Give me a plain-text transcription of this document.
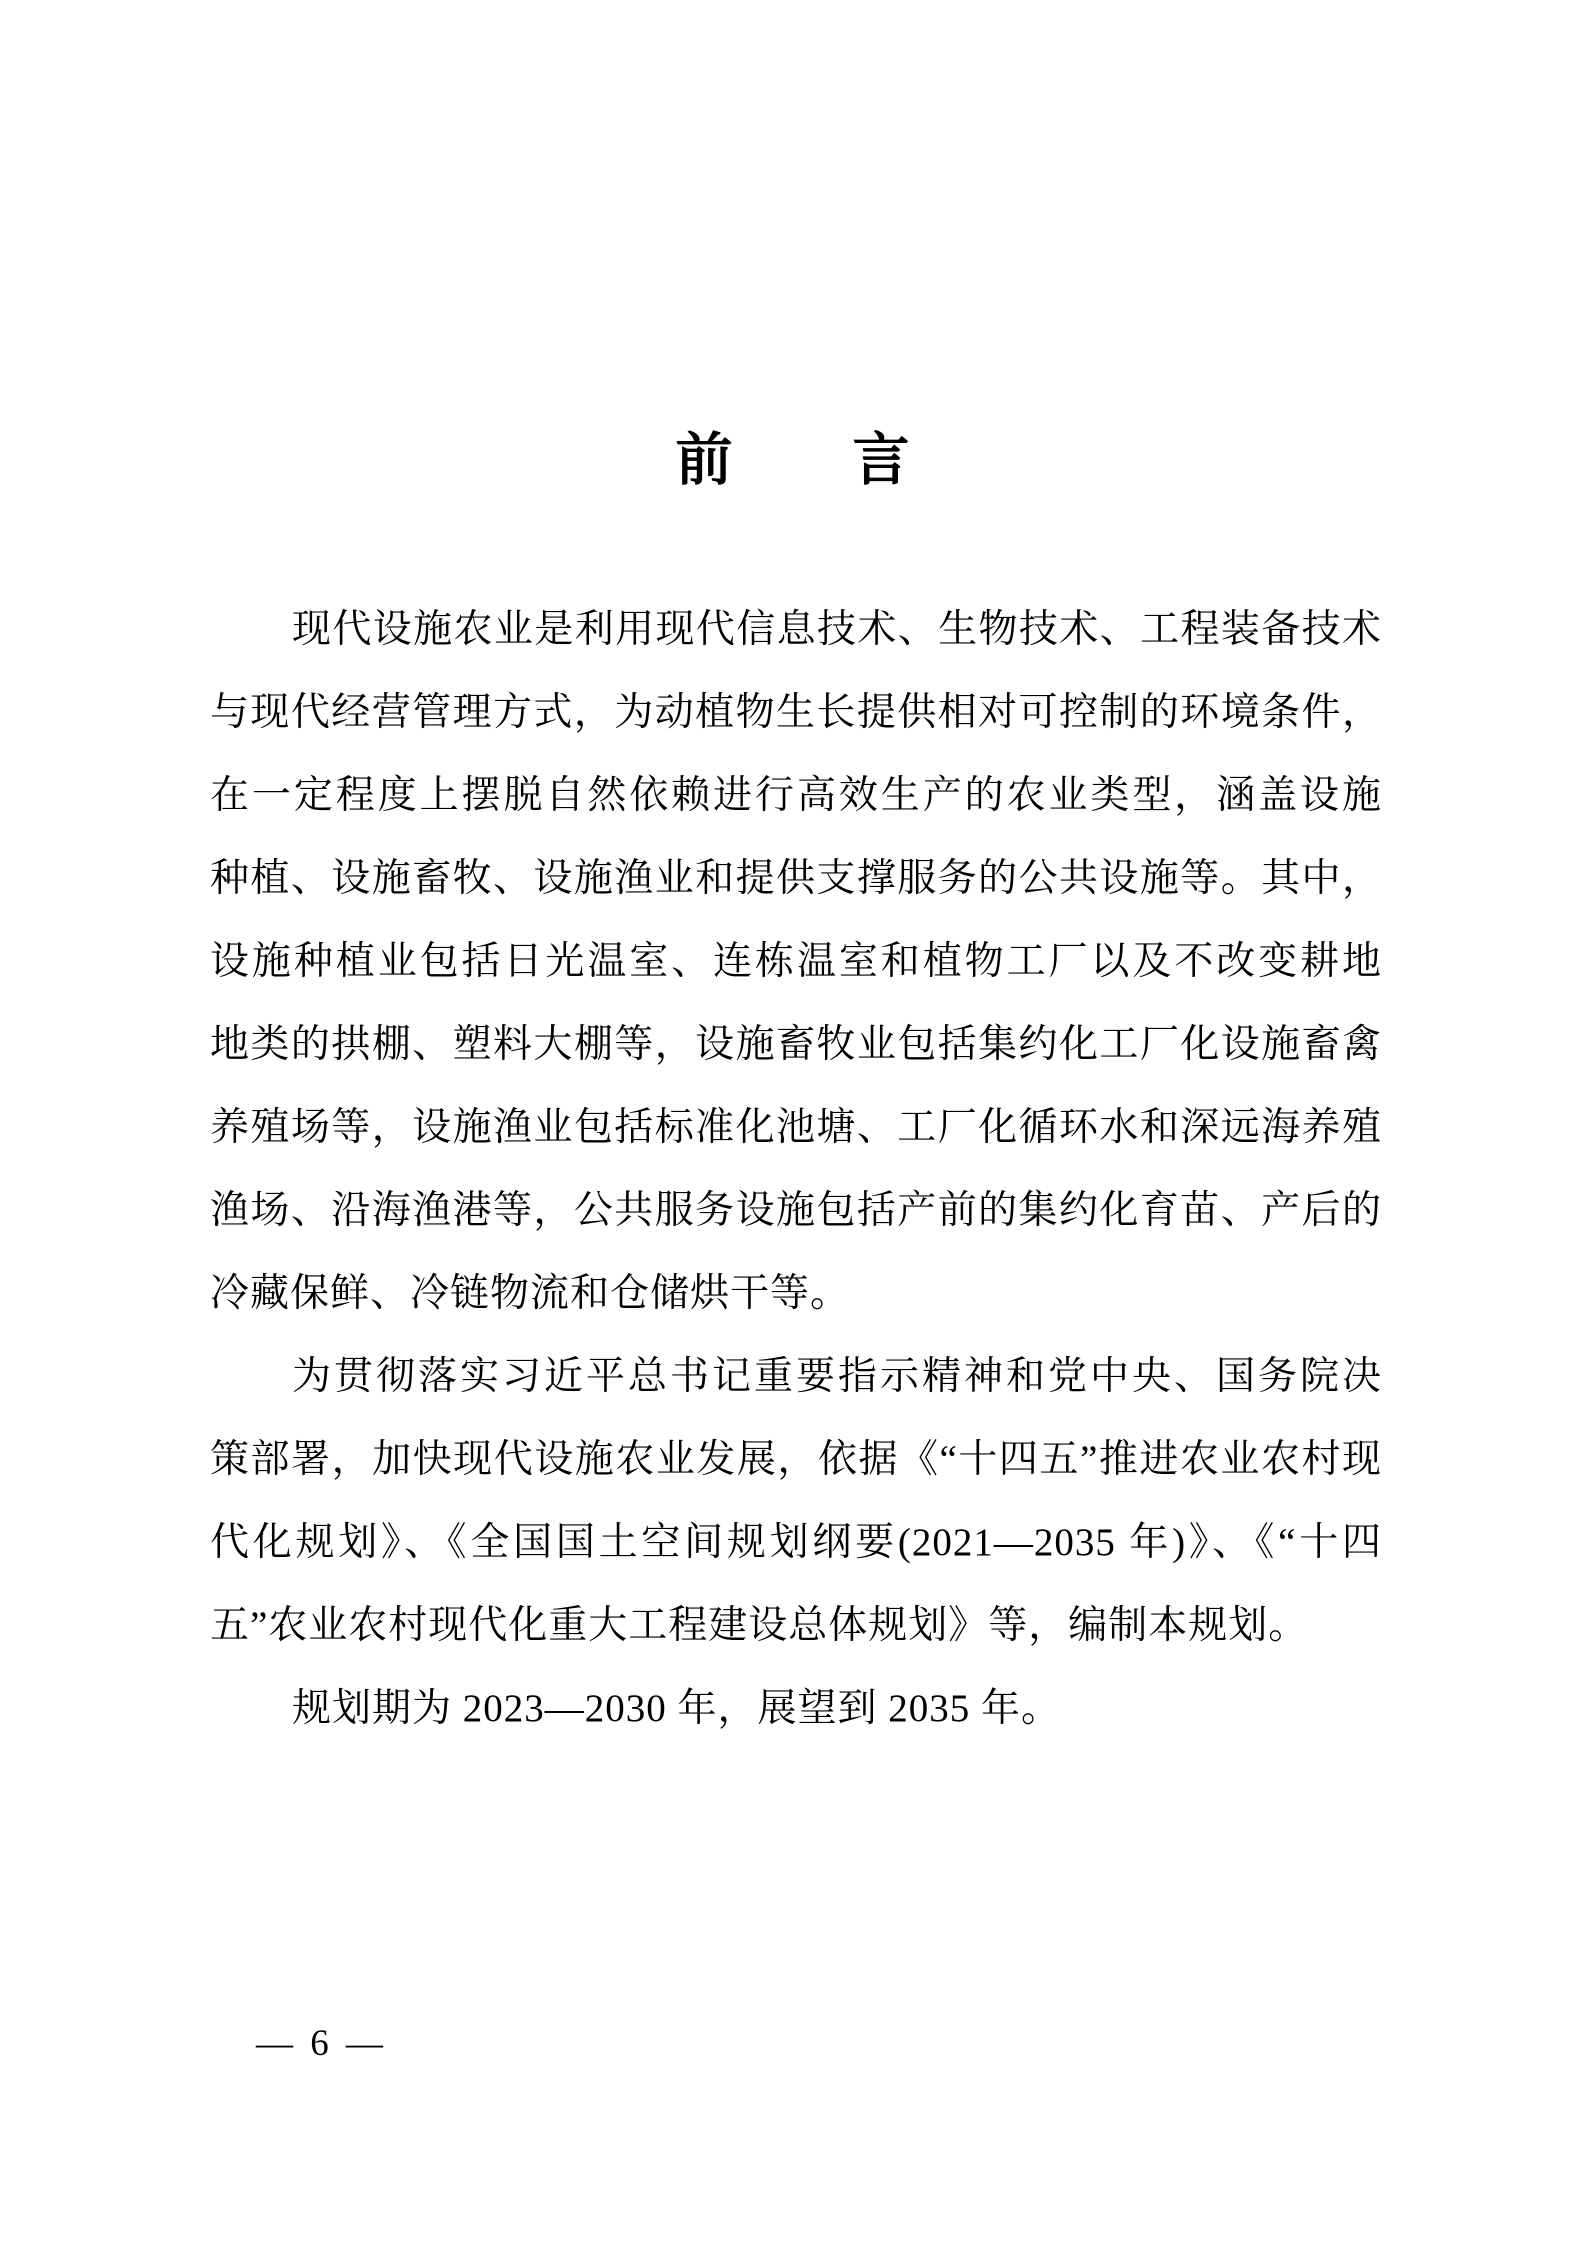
前　　言
现代设施农业是利用现代信息技术、生物技术、工程装备技术
与现代经营管理方式，为动植物生长提供相对可控制的环境条件，
在一定程度上摆脱自然依赖进行高效生产的农业类型，涵盖设施
种植、设施畜牧、设施渔业和提供支撑服务的公共设施等。其中，
设施种植业包括日光温室、连栋温室和植物工厂以及不改变耕地
地类的拱棚、塑料大棚等，设施畜牧业包括集约化工厂化设施畜禽
养殖场等，设施渔业包括标准化池塘、工厂化循环水和深远海养殖
渔场、沿海渔港等，公共服务设施包括产前的集约化育苗、产后的
冷藏保鲜、冷链物流和仓储烘干等。
为贯彻落实习近平总书记重要指示精神和党中央、国务院决
策部署，加快现代设施农业发展，依据《“十四五”推进农业农村现
代化规划》、《全国国土空间规划纲要(2021—2035 年)》、《“十四
五”农业农村现代化重大工程建设总体规划》等，编制本规划。
规划期为 2023—2030 年，展望到 2035 年。
— 6 —
